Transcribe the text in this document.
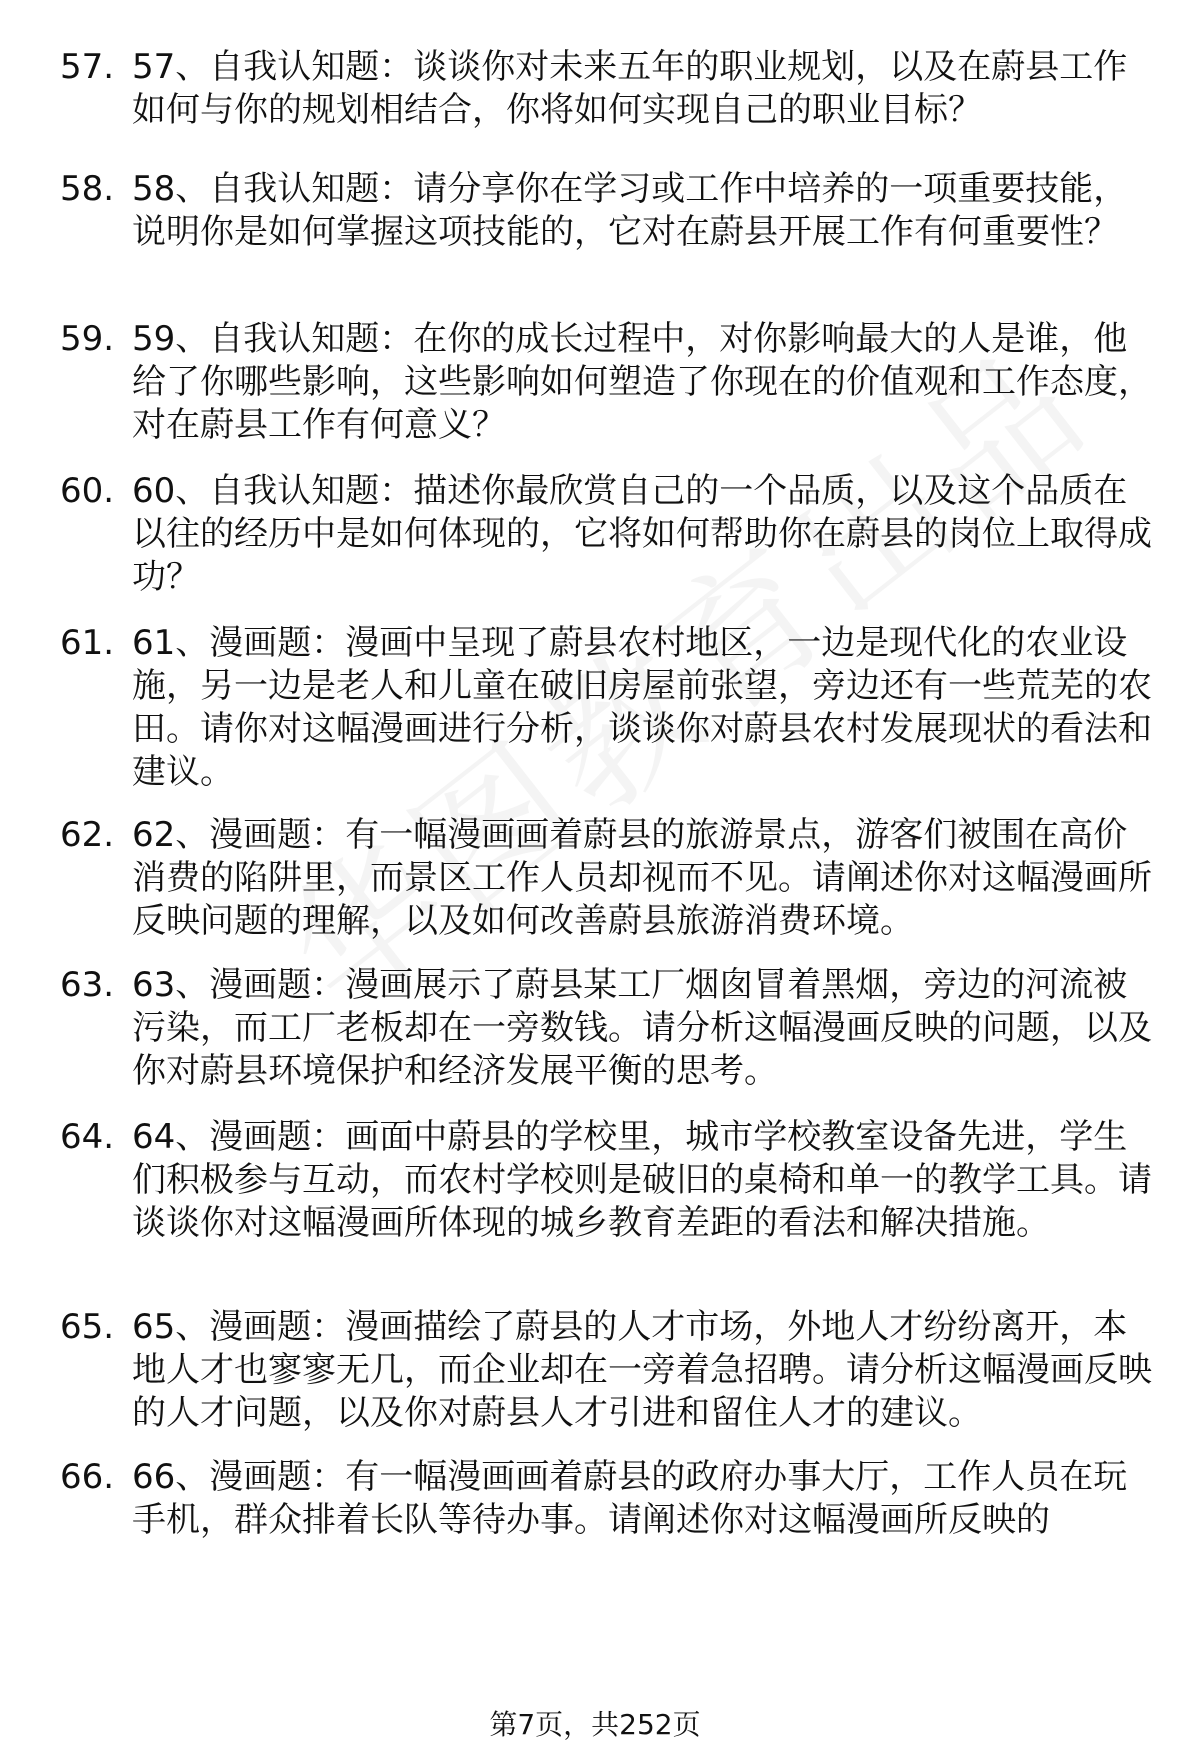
57. 57、自我认知题：谈谈你对未来五年的职业规划，以及在蔚县工作如何与你的规划相结合，你将如何实现自己的职业目标？
58. 58、自我认知题：请分享你在学习或工作中培养的一项重要技能，说明你是如何掌握这项技能的，它对在蔚县开展工作有何重要性？
59. 59、自我认知题：在你的成长过程中，对你影响最大的人是谁，他给了你哪些影响，这些影响如何塑造了你现在的价值观和工作态度，对在蔚县工作有何意义？
60. 60、自我认知题：描述你最欣赏自己的一个品质，以及这个品质在以往的经历中是如何体现的，它将如何帮助你在蔚县的岗位上取得成功？
61. 61、漫画题：漫画中呈现了蔚县农村地区，一边是现代化的农业设施，另一边是老人和儿童在破旧房屋前张望，旁边还有一些荒芜的农田。请你对这幅漫画进行分析，谈谈你对蔚县农村发展现状的看法和建议。
62. 62、漫画题：有一幅漫画画着蔚县的旅游景点，游客们被围在高价消费的陷阱里，而景区工作人员却视而不见。请阐述你对这幅漫画所反映问题的理解，以及如何改善蔚县旅游消费环境。
63. 63、漫画题：漫画展示了蔚县某工厂烟囱冒着黑烟，旁边的河流被污染，而工厂老板却在一旁数钱。请分析这幅漫画反映的问题，以及你对蔚县环境保护和经济发展平衡的思考。
64. 64、漫画题：画面中蔚县的学校里，城市学校教室设备先进，学生们积极参与互动，而农村学校则是破旧的桌椅和单一的教学工具。请谈谈你对这幅漫画所体现的城乡教育差距的看法和解决措施。
65. 65、漫画题：漫画描绘了蔚县的人才市场，外地人才纷纷离开，本地人才也寥寥无几，而企业却在一旁着急招聘。请分析这幅漫画反映的人才问题，以及你对蔚县人才引进和留住人才的建议。
66. 66、漫画题：有一幅漫画画着蔚县的政府办事大厅，工作人员在玩手机，群众排着长队等待办事。请阐述你对这幅漫画所反映的
第7页，共252页
